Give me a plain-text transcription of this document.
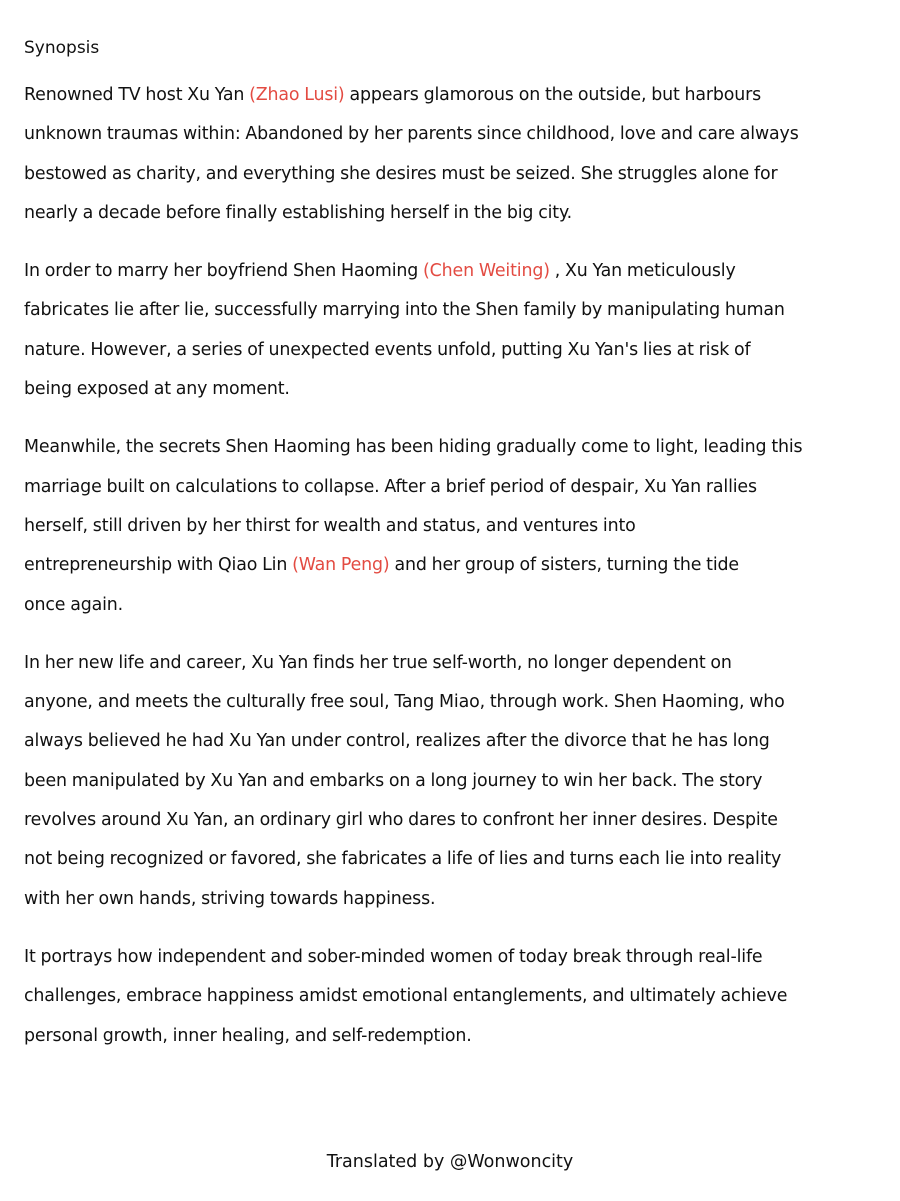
Synopsis

Renowned TV host Xu Yan (Zhao Lusi) appears glamorous on the outside, but harbours
unknown traumas within: Abandoned by her parents since childhood, love and care always
bestowed as charity, and everything she desires must be seized. She struggles alone for
nearly a decade before finally establishing herself in the big city.

In order to marry her boyfriend Shen Haoming (Chen Weiting) , Xu Yan meticulously
fabricates lie after lie, successfully marrying into the Shen family by manipulating human
nature. However, a series of unexpected events unfold, putting Xu Yan's lies at risk of
being exposed at any moment.

Meanwhile, the secrets Shen Haoming has been hiding gradually come to light, leading this
marriage built on calculations to collapse. After a brief period of despair, Xu Yan rallies
herself, still driven by her thirst for wealth and status, and ventures into
entrepreneurship with Qiao Lin (Wan Peng) and her group of sisters, turning the tide
once again.

In her new life and career, Xu Yan finds her true self-worth, no longer dependent on
anyone, and meets the culturally free soul, Tang Miao, through work. Shen Haoming, who
always believed he had Xu Yan under control, realizes after the divorce that he has long
been manipulated by Xu Yan and embarks on a long journey to win her back. The story
revolves around Xu Yan, an ordinary girl who dares to confront her inner desires. Despite
not being recognized or favored, she fabricates a life of lies and turns each lie into reality
with her own hands, striving towards happiness.

It portrays how independent and sober-minded women of today break through real-life
challenges, embrace happiness amidst emotional entanglements, and ultimately achieve
personal growth, inner healing, and self-redemption.

Translated by @Wonwoncity
